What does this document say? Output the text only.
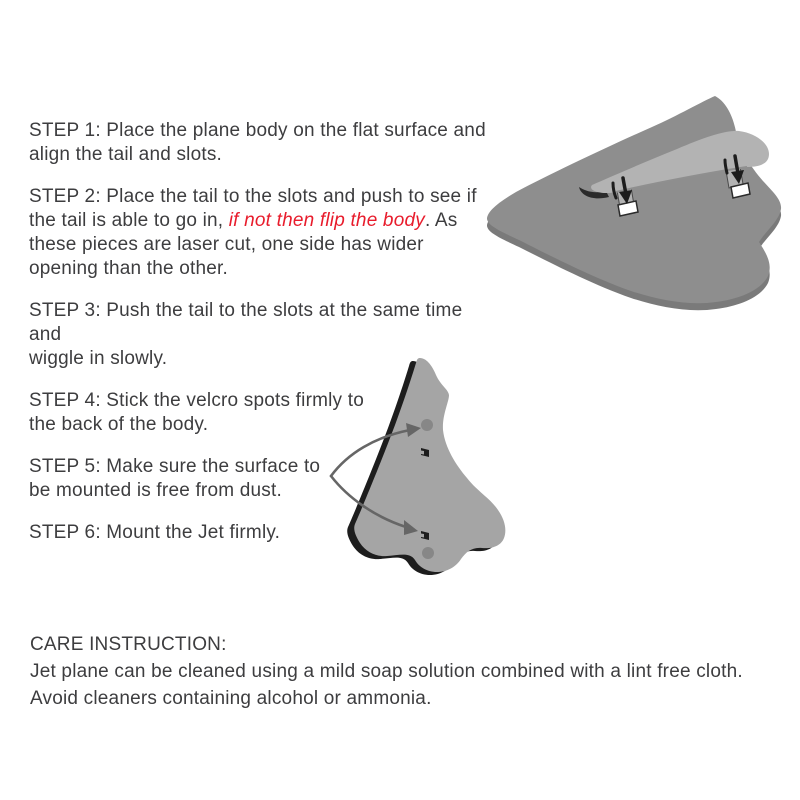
STEP 1: Place the plane body on the flat surface and
align the tail and slots.
STEP 2: Place the tail to the slots and push to see if
the tail is able to go in, if not then flip the body. As
these pieces are laser cut, one side has wider
opening than the other.
STEP 3: Push the tail to the slots at the same time and
wiggle in slowly.
STEP 4: Stick the velcro spots firmly to
the back of the body.
STEP 5: Make sure the surface to
be mounted is free from dust.
STEP 6: Mount the Jet firmly.
CARE INSTRUCTION:
Jet plane can be cleaned using a mild soap solution combined with a lint free cloth.
Avoid cleaners containing alcohol or ammonia.
